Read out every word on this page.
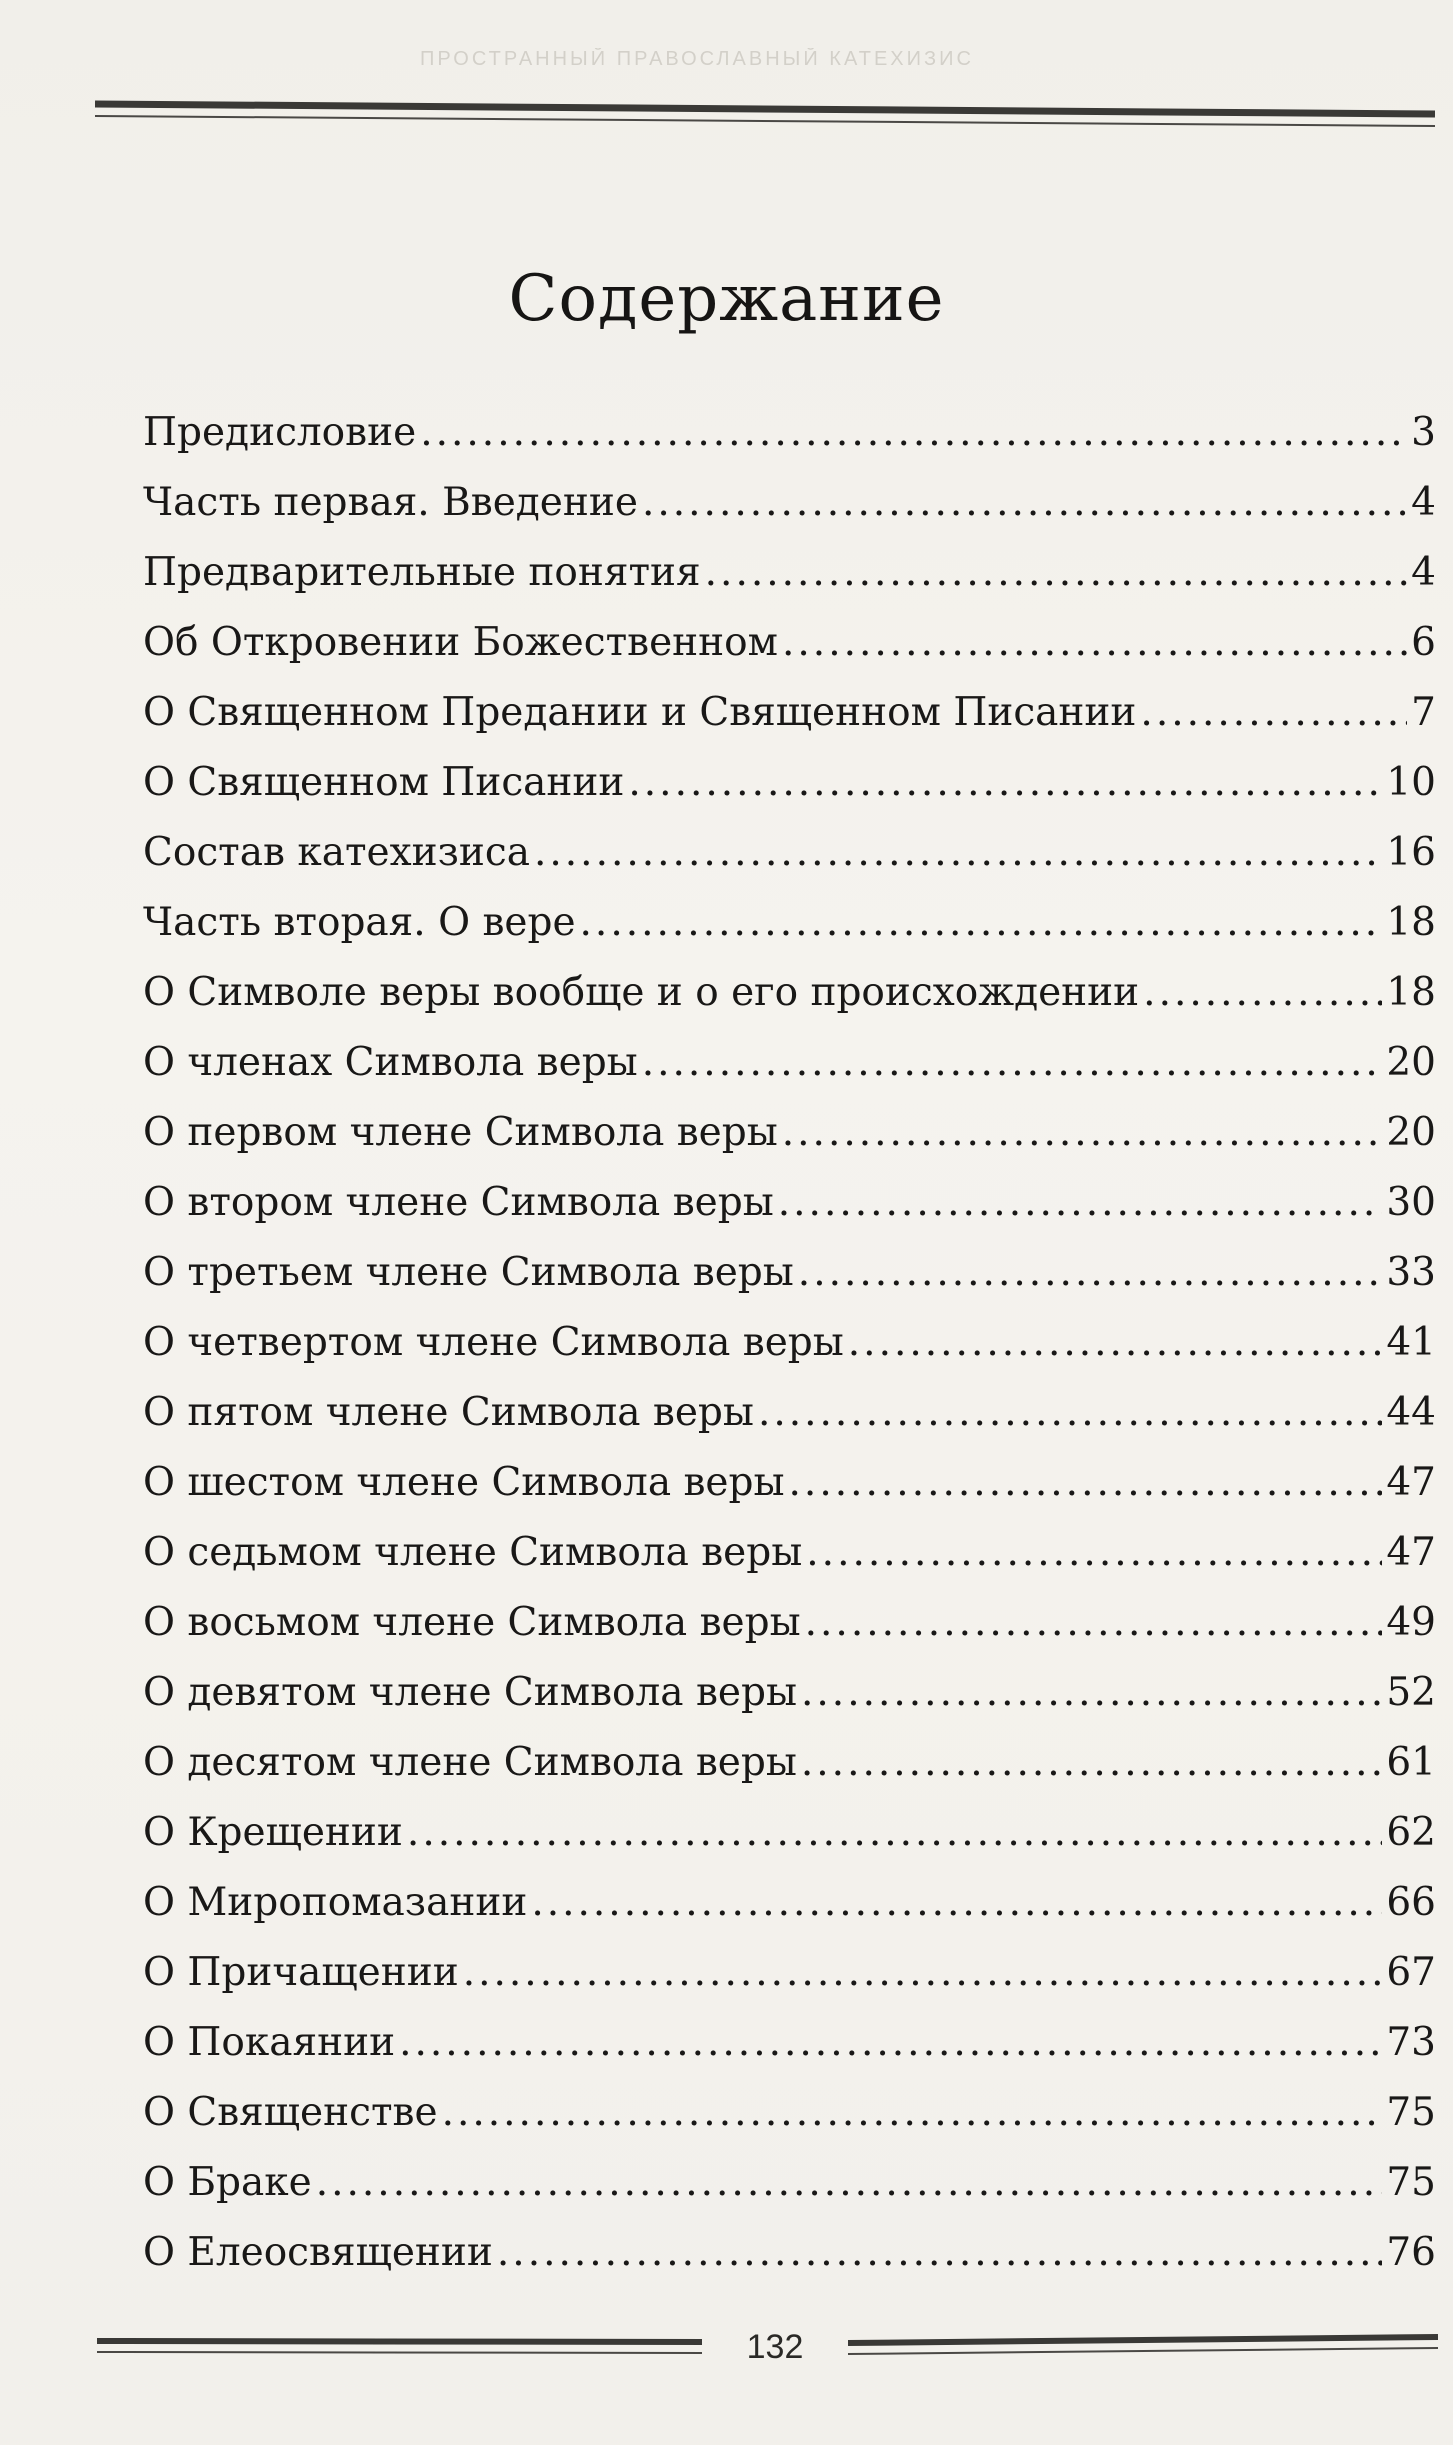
ПРОСТРАННЫЙ ПРАВОСЛАВНЫЙ КАТЕХИЗИС
Содержание
Предисловие .....	3
Часть первая. Введение .....	4
Предварительные понятия .....	4
Об Откровении Божественном .....	6
О Священном Предании и Священном Писании .....	7
О Священном Писании .....	10
Состав катехизиса .....	16
Часть вторая. О вере .....	18
О Символе веры вообще и о его происхождении .....	18
О членах Символа веры .....	20
О первом члене Символа веры .....	20
О втором члене Символа веры .....	30
О третьем члене Символа веры .....	33
О четвертом члене Символа веры .....	41
О пятом члене Символа веры .....	44
О шестом члене Символа веры .....	47
О седьмом члене Символа веры .....	47
О восьмом члене Символа веры .....	49
О девятом члене Символа веры .....	52
О десятом члене Символа веры .....	61
О Крещении .....	62
О Миропомазании .....	66
О Причащении .....	67
О Покаянии .....	73
О Священстве .....	75
О Браке .....	75
О Елеосвящении .....	76
132
